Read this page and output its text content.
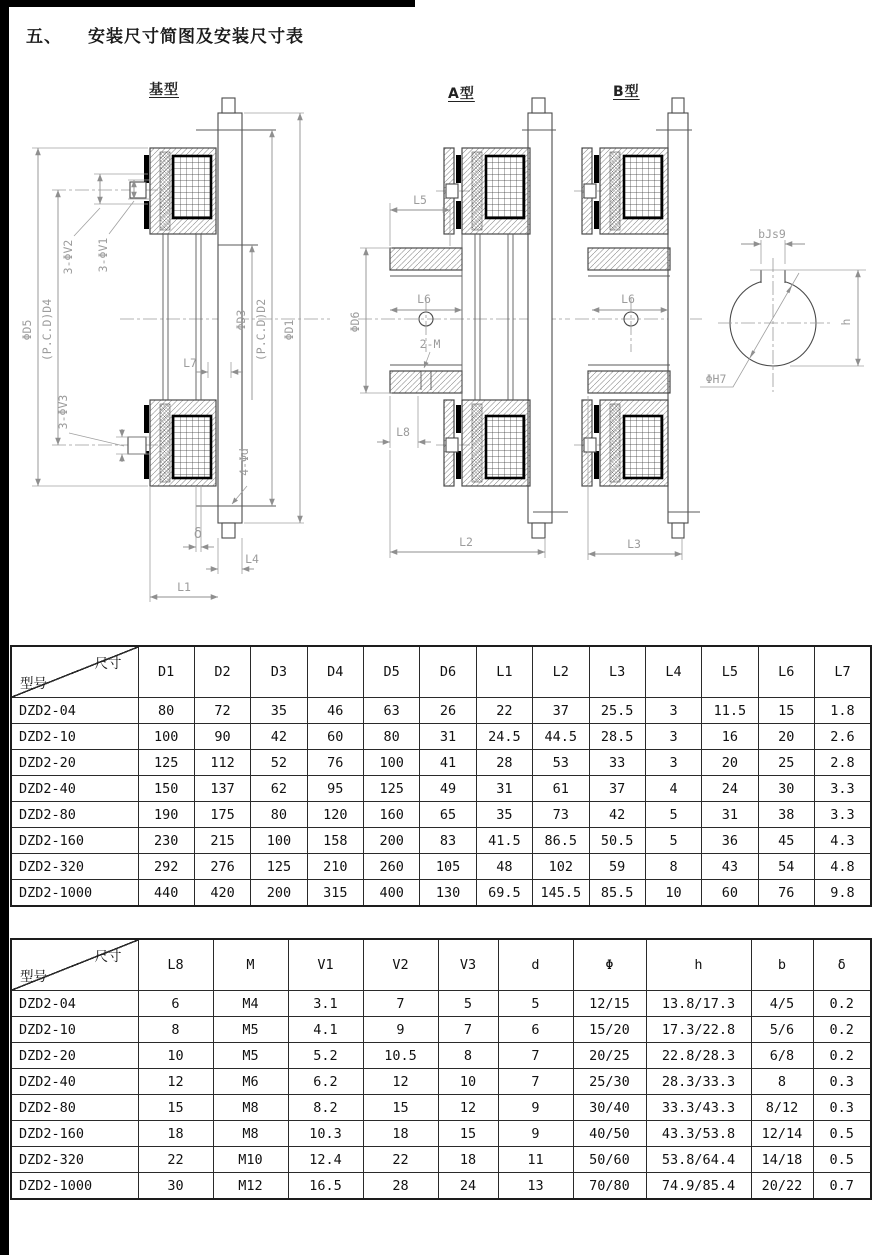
五、 安装尺寸简图及安装尺寸表
基型	A型	B型
ΦD5 (P.C.D)D4
3-ΦV2 3-ΦV1
3-ΦV3
ΦD3 (P.C.D)D2 ΦD1
4-Φd
L7
δ
L4
L1
L5
ΦD6
L6
2-M
L8
L2
L6
L3
bJs9
h
ΦH7
尺寸
型号	D1	D2	D3	D4	D5	D6	L1	L2	L3	L4	L5	L6	L7
DZD2-04	80	72	35	46	63	26	22	37	25.5	3	11.5	15	1.8
DZD2-10	100	90	42	60	80	31	24.5	44.5	28.5	3	16	20	2.6
DZD2-20	125	112	52	76	100	41	28	53	33	3	20	25	2.8
DZD2-40	150	137	62	95	125	49	31	61	37	4	24	30	3.3
DZD2-80	190	175	80	120	160	65	35	73	42	5	31	38	3.3
DZD2-160	230	215	100	158	200	83	41.5	86.5	50.5	5	36	45	4.3
DZD2-320	292	276	125	210	260	105	48	102	59	8	43	54	4.8
DZD2-1000	440	420	200	315	400	130	69.5	145.5	85.5	10	60	76	9.8
尺寸
型号	L8	M	V1	V2	V3	d	Φ	h	b	δ
DZD2-04	6	M4	3.1	7	5	5	12/15	13.8/17.3	4/5	0.2
DZD2-10	8	M5	4.1	9	7	6	15/20	17.3/22.8	5/6	0.2
DZD2-20	10	M5	5.2	10.5	8	7	20/25	22.8/28.3	6/8	0.2
DZD2-40	12	M6	6.2	12	10	7	25/30	28.3/33.3	8	0.3
DZD2-80	15	M8	8.2	15	12	9	30/40	33.3/43.3	8/12	0.3
DZD2-160	18	M8	10.3	18	15	9	40/50	43.3/53.8	12/14	0.5
DZD2-320	22	M10	12.4	22	18	11	50/60	53.8/64.4	14/18	0.5
DZD2-1000	30	M12	16.5	28	24	13	70/80	74.9/85.4	20/22	0.7
